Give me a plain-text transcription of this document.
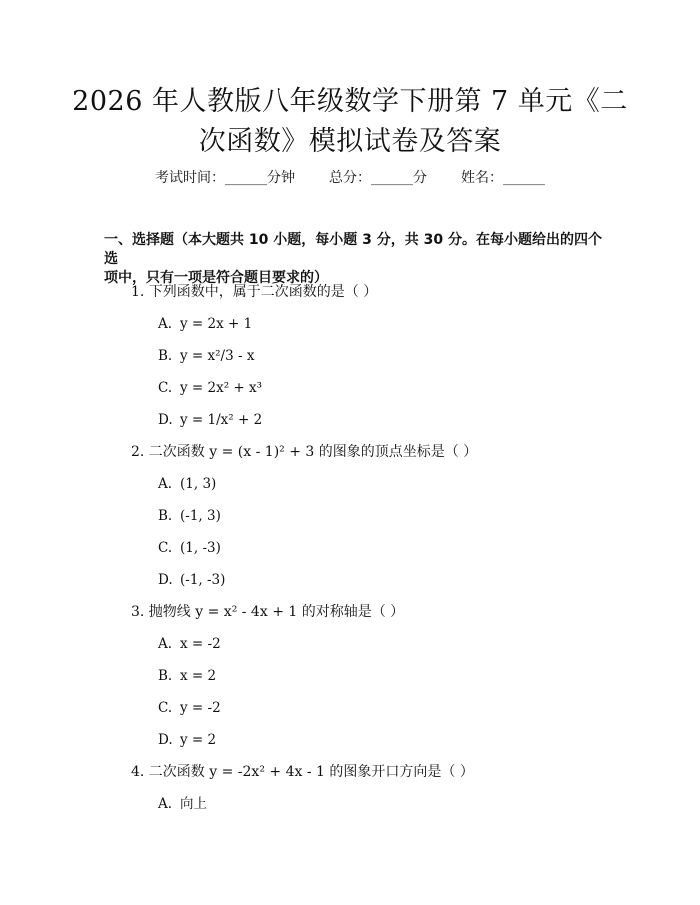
2026 年人教版八年级数学下册第 7 单元《二
次函数》模拟试卷及答案
考试时间：______分钟 总分：______分 姓名：______
一、选择题（本大题共 10 小题，每小题 3 分，共 30 分。在每小题给出的四个选
项中，只有一项是符合题目要求的）
1. 下列函数中，属于二次函数的是（ ）
A. y = 2x + 1
B. y = x²/3 - x
C. y = 2x² + x³
D. y = 1/x² + 2
2. 二次函数 y = (x - 1)² + 3 的图象的顶点坐标是（ ）
A. (1, 3)
B. (-1, 3)
C. (1, -3)
D. (-1, -3)
3. 抛物线 y = x² - 4x + 1 的对称轴是（ ）
A. x = -2
B. x = 2
C. y = -2
D. y = 2
4. 二次函数 y = -2x² + 4x - 1 的图象开口方向是（ ）
A. 向上
